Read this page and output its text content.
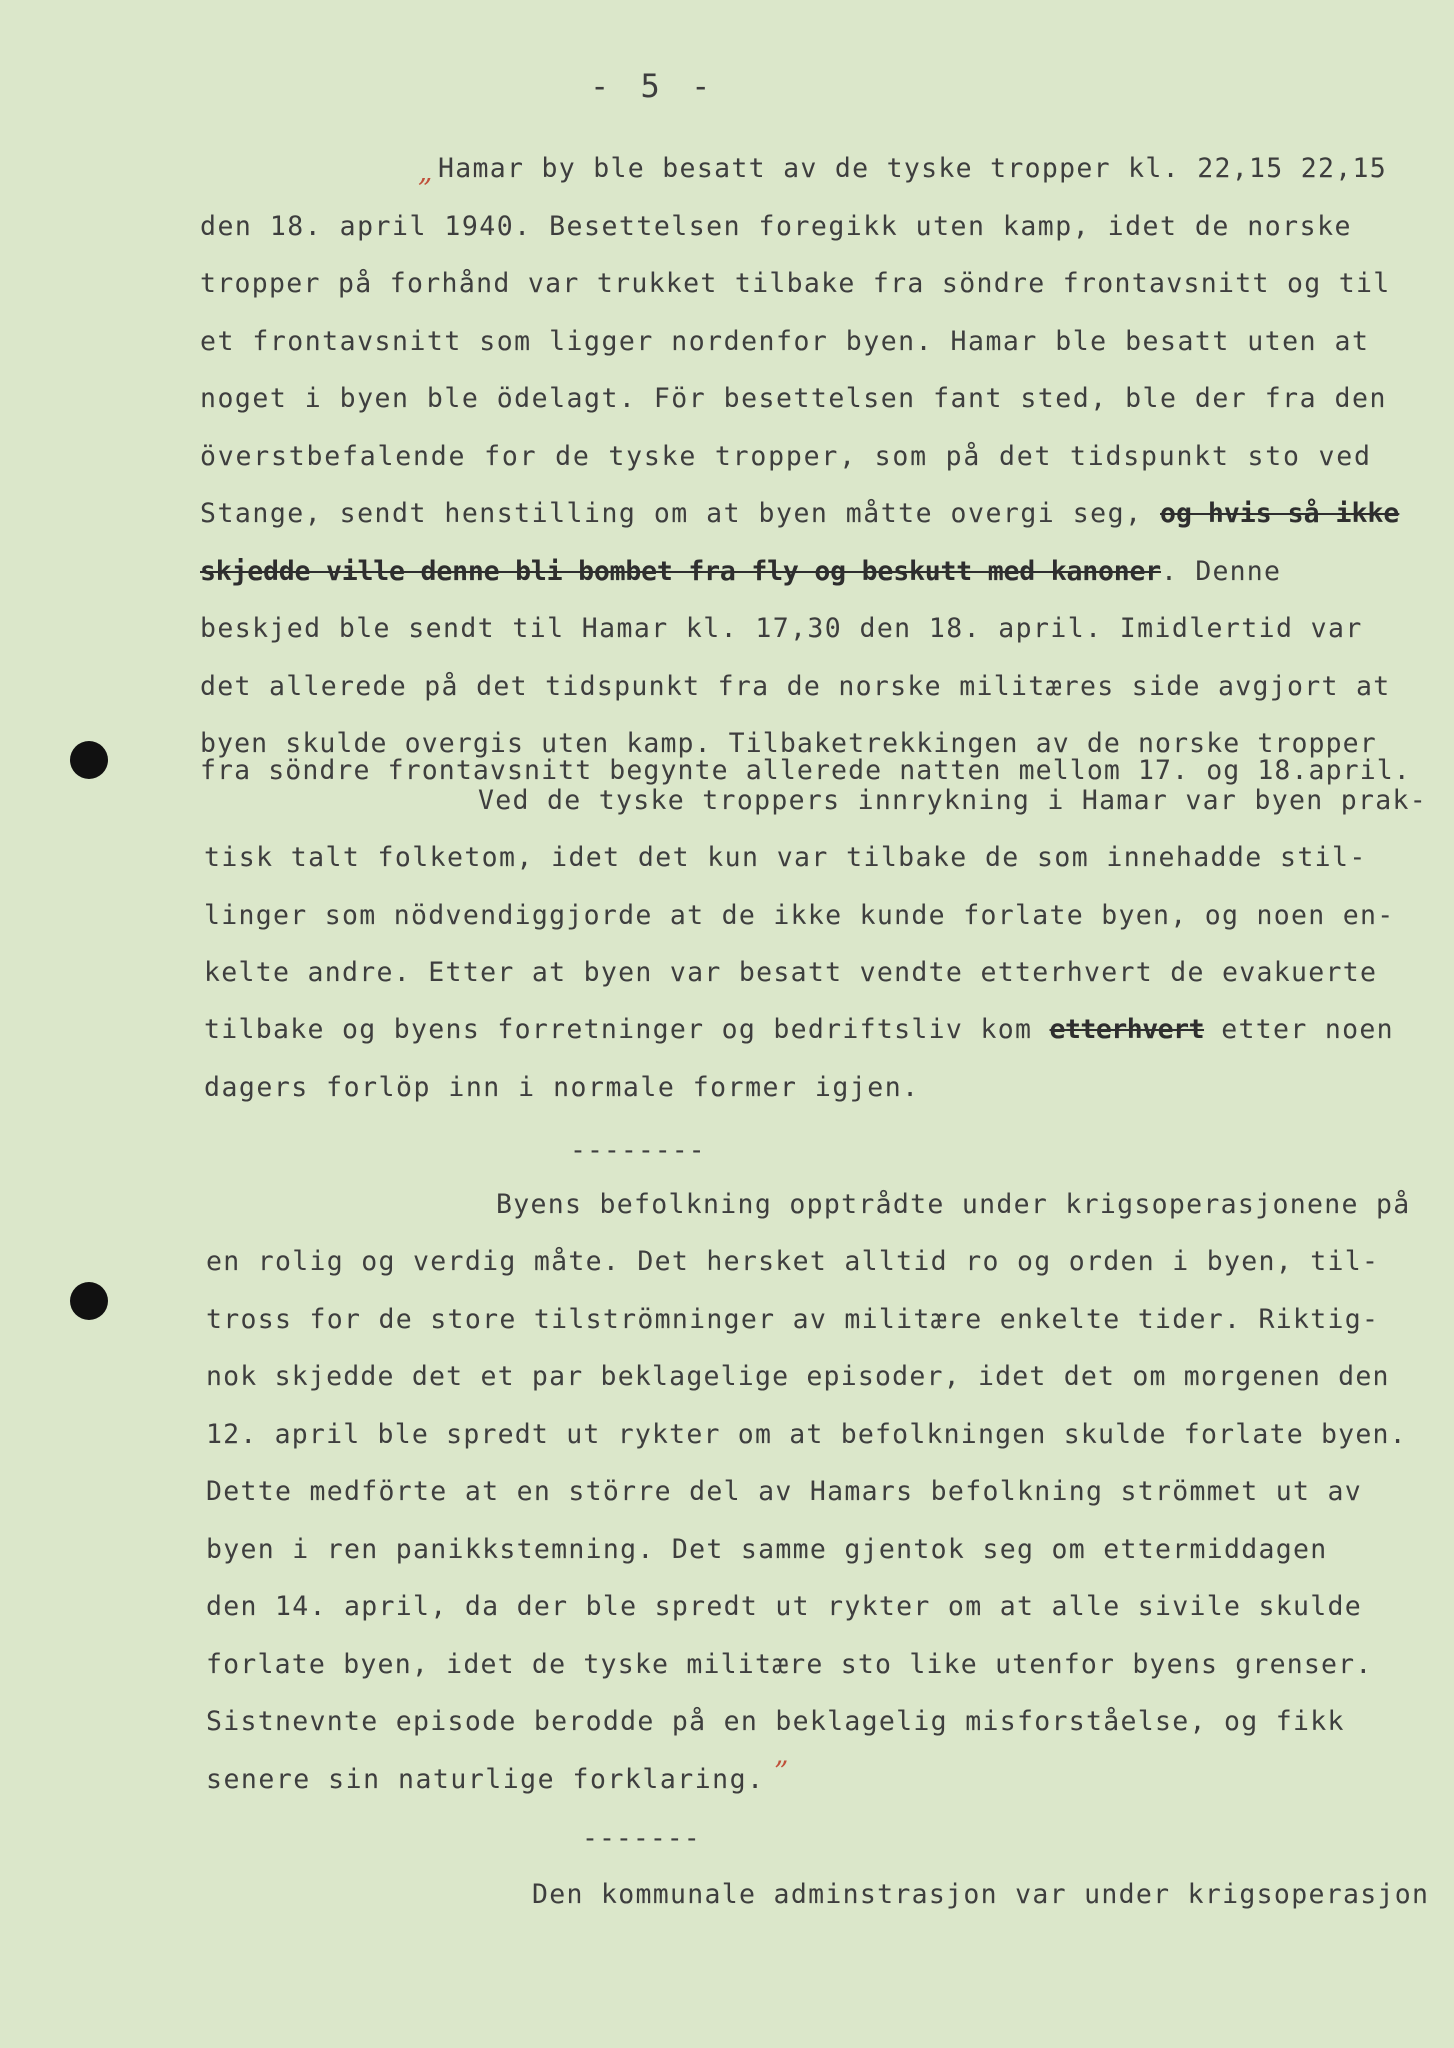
- 5 -
„ Hamar by ble besatt av de tyske tropper kl. 22,15 22,15
den 18. april 1940. Besettelsen foregikk uten kamp, idet de norske
tropper på forhånd var trukket tilbake fra söndre frontavsnitt og til
et frontavsnitt som ligger nordenfor byen. Hamar ble besatt uten at
noget i byen ble ödelagt. För besettelsen fant sted, ble der fra den
överstbefalende for de tyske tropper, som på det tidspunkt sto ved
Stange, sendt henstilling om at byen måtte overgi seg, og hvis så ikke
skjedde ville denne bli bombet fra fly og beskutt med kanoner. Denne
beskjed ble sendt til Hamar kl. 17,30 den 18. april. Imidlertid var
det allerede på det tidspunkt fra de norske militæres side avgjort at
byen skulde overgis uten kamp. Tilbaketrekkingen av de norske tropper
fra söndre frontavsnitt begynte allerede natten mellom 17. og 18.april.
Ved de tyske troppers innrykning i Hamar var byen prak-
tisk talt folketom, idet det kun var tilbake de som innehadde stil-
linger som nödvendiggjorde at de ikke kunde forlate byen, og noen en-
kelte andre. Etter at byen var besatt vendte etterhvert de evakuerte
tilbake og byens forretninger og bedriftsliv kom etterhvert etter noen
dagers forlöp inn i normale former igjen.
--------
Byens befolkning opptrådte under krigsoperasjonene på
en rolig og verdig måte. Det hersket alltid ro og orden i byen, til-
tross for de store tilströmninger av militære enkelte tider. Riktig-
nok skjedde det et par beklagelige episoder, idet det om morgenen den
12. april ble spredt ut rykter om at befolkningen skulde forlate byen.
Dette medförte at en större del av Hamars befolkning strömmet ut av
byen i ren panikkstemning. Det samme gjentok seg om ettermiddagen
den 14. april, da der ble spredt ut rykter om at alle sivile skulde
forlate byen, idet de tyske militære sto like utenfor byens grenser.
Sistnevnte episode berodde på en beklagelig misforståelse, og fikk
senere sin naturlige forklaring. ”
-------
Den kommunale adminstrasjon var under krigsoperasjon
